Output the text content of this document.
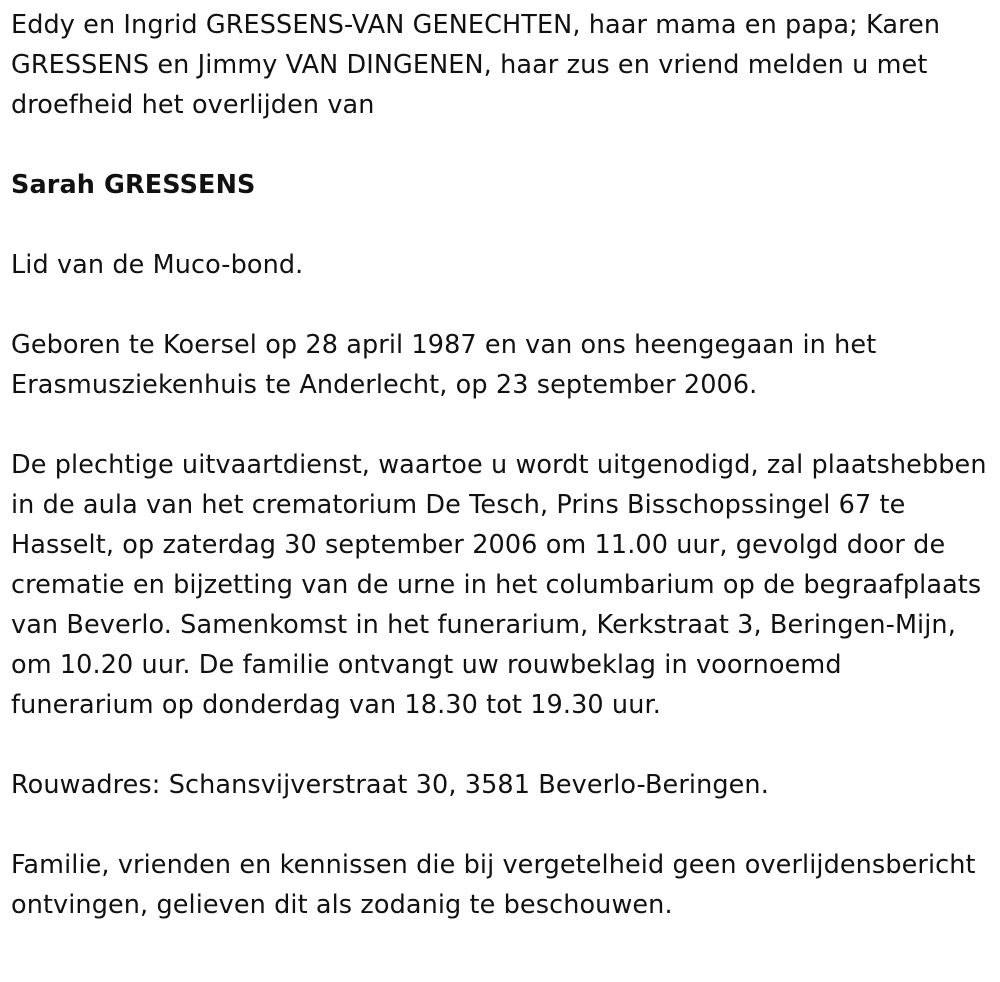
Eddy en Ingrid GRESSENS-VAN GENECHTEN, haar mama en papa; Karen GRESSENS en Jimmy VAN DINGENEN, haar zus en vriend melden u met droefheid het overlijden van

Sarah GRESSENS

Lid van de Muco-bond.

Geboren te Koersel op 28 april 1987 en van ons heengegaan in het Erasmusziekenhuis te Anderlecht, op 23 september 2006.

De plechtige uitvaartdienst, waartoe u wordt uitgenodigd, zal plaatshebben in de aula van het crematorium De Tesch, Prins Bisschopssingel 67 te Hasselt, op zaterdag 30 september 2006 om 11.00 uur, gevolgd door de crematie en bijzetting van de urne in het columbarium op de begraafplaats van Beverlo. Samenkomst in het funerarium, Kerkstraat 3, Beringen-Mijn, om 10.20 uur. De familie ontvangt uw rouwbeklag in voornoemd funerarium op donderdag van 18.30 tot 19.30 uur.

Rouwadres: Schansvijverstraat 30, 3581 Beverlo-Beringen.

Familie, vrienden en kennissen die bij vergetelheid geen overlijdensbericht ontvingen, gelieven dit als zodanig te beschouwen.
